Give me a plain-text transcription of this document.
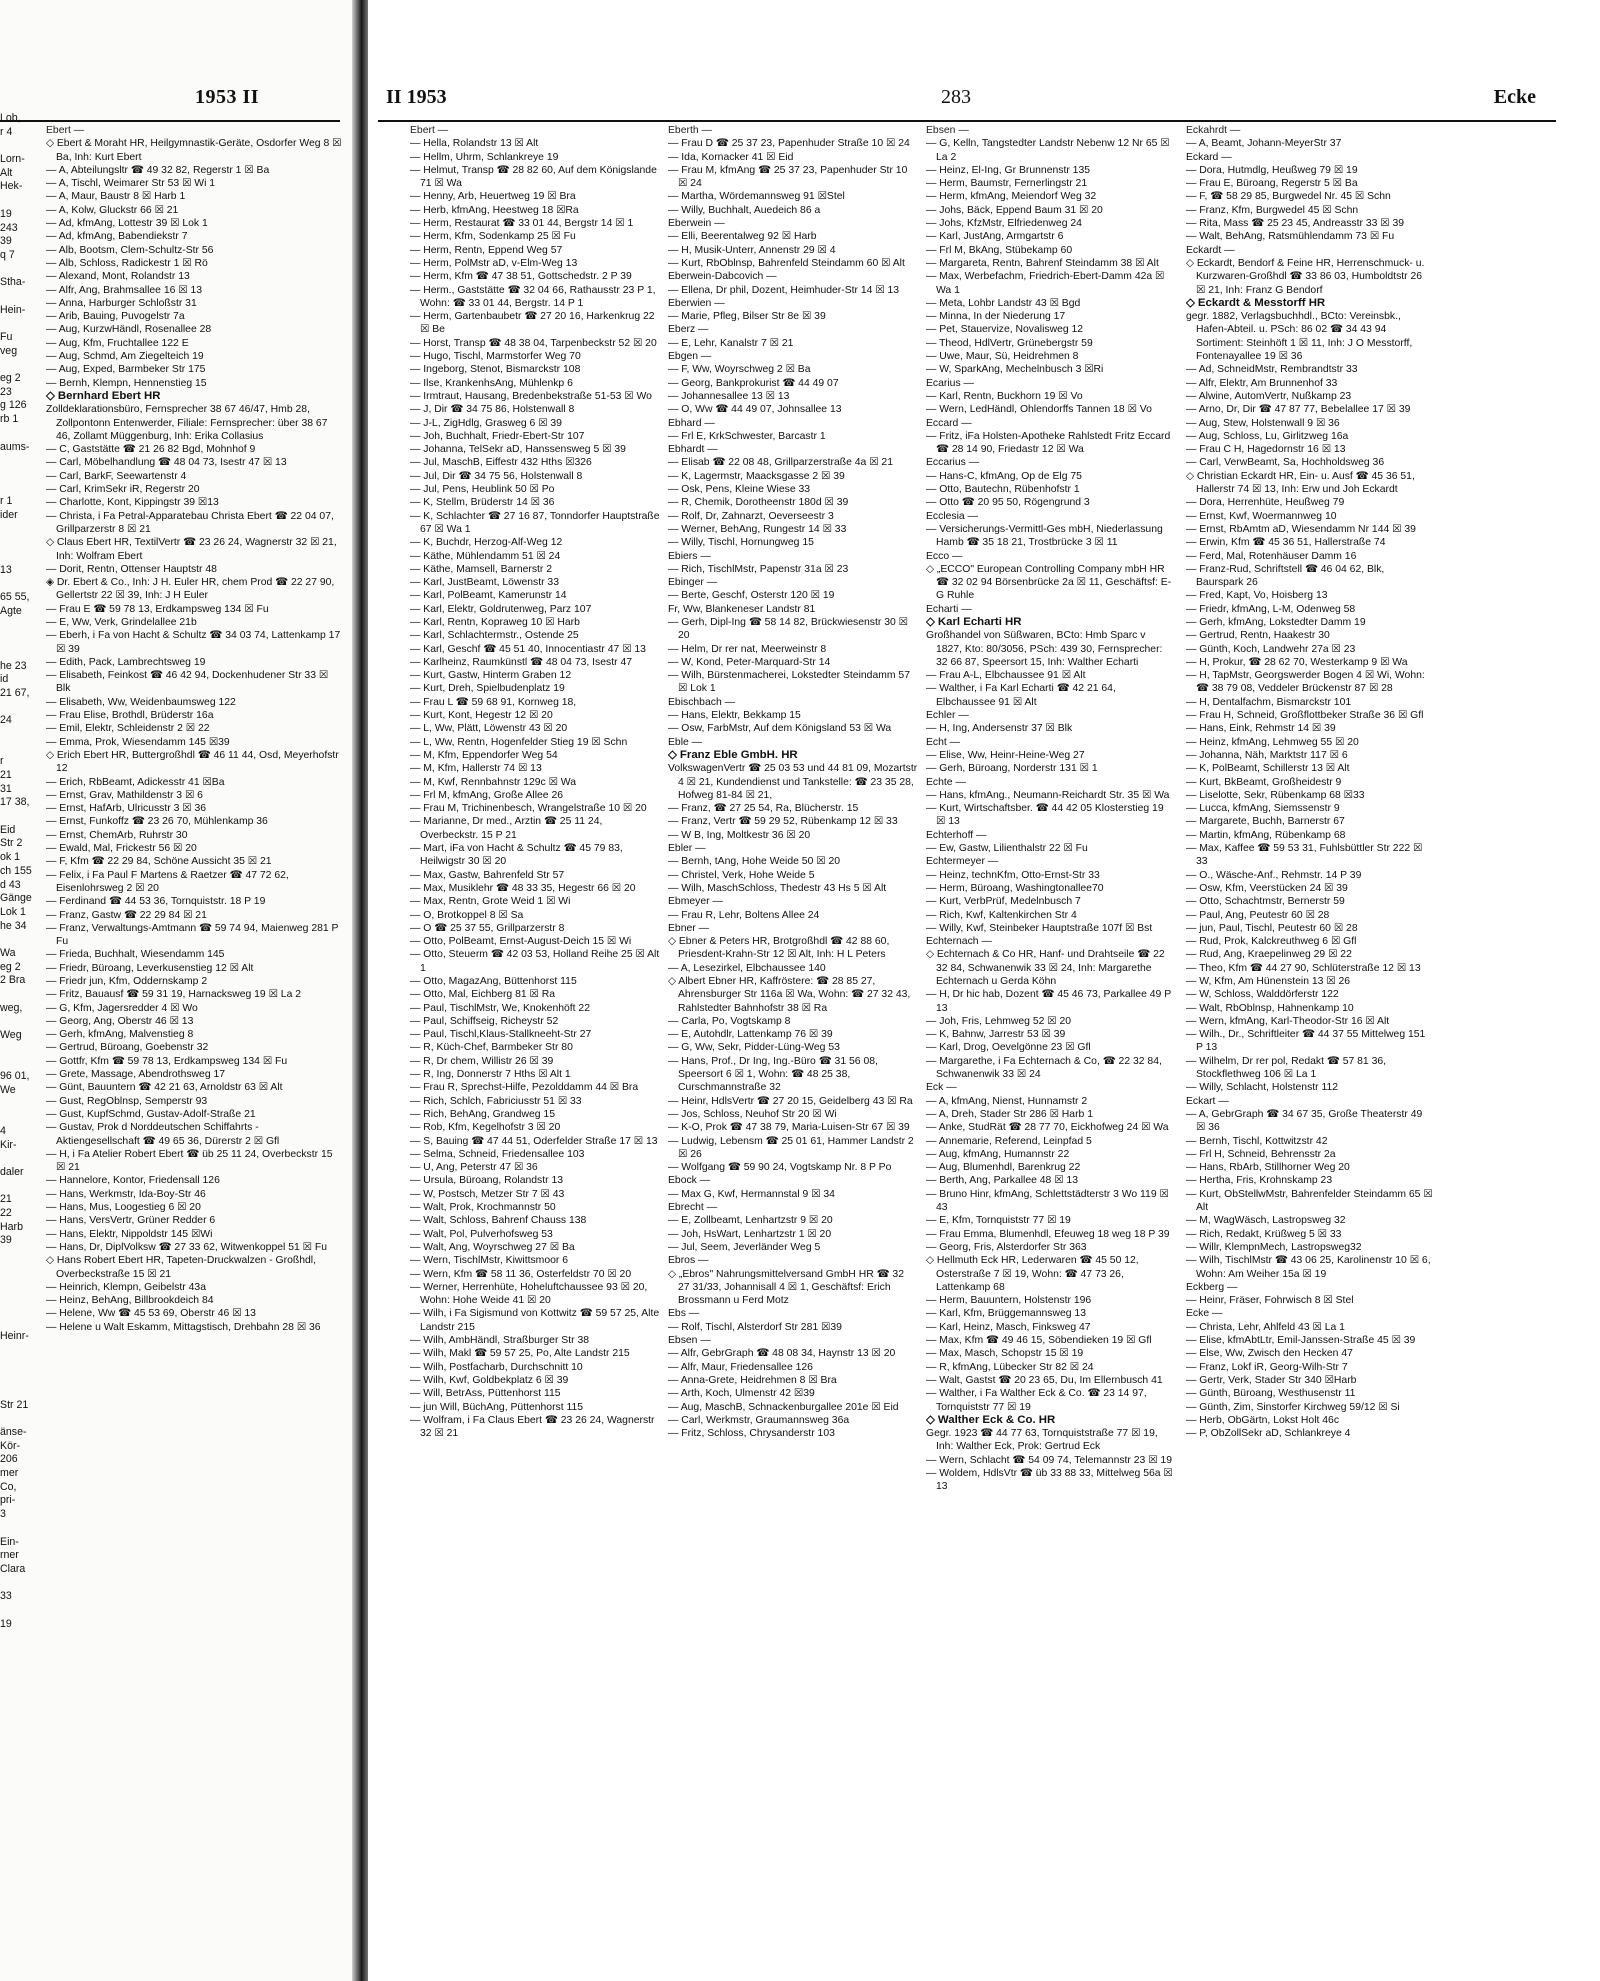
1953 II
Lob,
r 4
Lorn-
Alt
Hek-
19
243
39
q 7
Stha-
Hein-
Fu
veg
eg 2
23
g 126
rb 1
aums-
r 1
ider
13
65 55,
Agte
he 23
id
21 67,
24
r
21
31
17 38,
Eid
Str 2
ok 1
ch 155
d 43
Gänge
Lok 1
he 34
Wa
eg 2
2 Bra
weg,
Weg
96 01,
We
4
Kir-
daler
21
22
Harb
39
Heinr-
Str 21
änse-
Kör-
206
mer
Co,
pri-
3
Ein-
rner
Clara
33
19
Ebert —
◇ Ebert & Moraht HR, Heilgymnastik-Geräte, Osdorfer Weg 8 ☒ Ba, Inh: Kurt Ebert
— A, Abteilungsltr ☎ 49 32 82, Regerstr 1 ☒ Ba
— A, Tischl, Weimarer Str 53 ☒ Wi 1
— A, Maur, Baustr 8 ☒ Harb 1
— A, Kolw, Gluckstr 66 ☒ 21
— Ad, kfmAng, Lottestr 39 ☒ Lok 1
— Ad, kfmAng, Babendiekstr 7
— Alb, Bootsm, Clem-Schultz-Str 56
— Alb, Schloss, Radickestr 1 ☒ Rö
— Alexand, Mont, Rolandstr 13
— Alfr, Ang, Brahmsallee 16 ☒ 13
— Anna, Harburger Schloßstr 31
— Arib, Bauing, Puvogelstr 7a
— Aug, KurzwHändl, Rosenallee 28
— Aug, Kfm, Fruchtallee 122 E
— Aug, Schmd, Am Ziegelteich 19
— Aug, Exped, Barmbeker Str 175
— Bernh, Klempn, Hennenstieg 15
◇ Bernhard Ebert HR
Zolldeklarationsbüro, Fernsprecher 38 67 46/47, Hmb 28, Zollpontonn Entenwerder, Filiale: Fernsprecher: über 38 67 46, Zollamt Müggenburg, Inh: Erika Collasius
— C, Gaststätte ☎ 21 26 82 Bgd, Mohnhof 9
— Carl, Möbelhandlung ☎ 48 04 73, Isestr 47 ☒ 13
— Carl, BarkF, Seewartenstr 4
— Carl, KrimSekr iR, Regerstr 20
— Charlotte, Kont, Kippingstr 39 ☒13
— Christa, i Fa Petral-Apparatebau Christa Ebert ☎ 22 04 07, Grillparzerstr 8 ☒ 21
◇ Claus Ebert HR, TextilVertr ☎ 23 26 24, Wagnerstr 32 ☒ 21, Inh: Wolfram Ebert
— Dorit, Rentn, Ottenser Hauptstr 48
◈ Dr. Ebert & Co., Inh: J H. Euler HR, chem Prod ☎ 22 27 90, Gellertstr 22 ☒ 39, Inh: J H Euler
— Frau E ☎ 59 78 13, Erdkampsweg 134 ☒ Fu
— E, Ww, Verk, Grindelallee 21b
— Eberh, i Fa von Hacht & Schultz ☎ 34 03 74, Lattenkamp 17 ☒ 39
— Edith, Pack, Lambrechtsweg 19
— Elisabeth, Feinkost ☎ 46 42 94, Dockenhudener Str 33 ☒ Blk
— Elisabeth, Ww, Weidenbaumsweg 122
— Frau Elise, Brothdl, Brüderstr 16a
— Emil, Elektr, Schleidenstr 2 ☒ 22
— Emma, Prok, Wiesendamm 145 ☒39
◇ Erich Ebert HR, Buttergroßhdl ☎ 46 11 44, Osd, Meyerhofstr 12
— Erich, RbBeamt, Adickesstr 41 ☒Ba
— Ernst, Grav, Mathildenstr 3 ☒ 6
— Ernst, HafArb, Ulricusstr 3 ☒ 36
— Ernst, Funkoffz ☎ 23 26 70, Mühlenkamp 36
— Ernst, ChemArb, Ruhrstr 30
— Ewald, Mal, Frickestr 56 ☒ 20
— F, Kfm ☎ 22 29 84, Schöne Aussicht 35 ☒ 21
— Felix, i Fa Paul F Martens & Raetzer ☎ 47 72 62, Eisenlohrsweg 2 ☒ 20
— Ferdinand ☎ 44 53 36, Tornquiststr. 18 P 19
— Franz, Gastw ☎ 22 29 84 ☒ 21
— Franz, Verwaltungs-Amtmann ☎ 59 74 94, Maienweg 281 P Fu
— Frieda, Buchhalt, Wiesendamm 145
— Friedr, Büroang, Leverkusenstieg 12 ☒ Alt
— Friedr jun, Kfm, Oddernskamp 2
— Fritz, Bauausf ☎ 59 31 19, Harnacksweg 19 ☒ La 2
— G, Kfm, Jagersredder 4 ☒ Wo
— Georg, Ang, Oberstr 46 ☒ 13
— Gerh, kfmAng, Malvenstieg 8
— Gertrud, Büroang, Goebenstr 32
— Gottfr, Kfm ☎ 59 78 13, Erdkampsweg 134 ☒ Fu
— Grete, Massage, Abendrothsweg 17
— Günt, Bauuntern ☎ 42 21 63, Arnoldstr 63 ☒ Alt
— Gust, RegOblnsp, Semperstr 93
— Gust, KupfSchmd, Gustav-Adolf-Straße 21
— Gustav, Prok d Norddeutschen Schiffahrts - Aktiengesellschaft ☎ 49 65 36, Dürerstr 2 ☒ Gfl
— H, i Fa Atelier Robert Ebert ☎ üb 25 11 24, Overbeckstr 15 ☒ 21
— Hannelore, Kontor, Friedensall 126
— Hans, Werkmstr, Ida-Boy-Str 46
— Hans, Mus, Loogestieg 6 ☒ 20
— Hans, VersVertr, Grüner Redder 6
— Hans, Elektr, Nippoldstr 145 ☒Wi
— Hans, Dr, DiplVolksw ☎ 27 33 62, Witwenkoppel 51 ☒ Fu
◇ Hans Robert Ebert HR, Tapeten-Druckwalzen - Großhdl, Overbeckstraße 15 ☒ 21
— Heinrich, Klempn, Geibelstr 43a
— Heinz, BehAng, Billbrookdeich 84
— Helene, Ww ☎ 45 53 69, Oberstr 46 ☒ 13
— Helene u Walt Eskamm, Mittagstisch, Drehbahn 28 ☒ 36
II 1953	283	Ecke
Ebert —
— Hella, Rolandstr 13 ☒ Alt
— Hellm, Uhrm, Schlankreye 19
— Helmut, Transp ☎ 28 82 60, Auf dem Königslande 71 ☒ Wa
— Henny, Arb, Heuertweg 19 ☒ Bra
— Herb, kfmAng, Heestweg 18 ☒Ra
— Herm, Restaurat ☎ 33 01 44, Bergstr 14 ☒ 1
— Herm, Kfm, Sodenkamp 25 ☒ Fu
— Herm, Rentn, Eppend Weg 57
— Herm, PolMstr aD, v-Elm-Weg 13
— Herm, Kfm ☎ 47 38 51, Gottschedstr. 2 P 39
— Herm., Gaststätte ☎ 32 04 66, Rathausstr 23 P 1, Wohn: ☎ 33 01 44, Bergstr. 14 P 1
— Herm, Gartenbaubetr ☎ 27 20 16, Harkenkrug 22 ☒ Be
— Horst, Transp ☎ 48 38 04, Tarpenbeckstr 52 ☒ 20
— Hugo, Tischl, Marmstorfer Weg 70
— Ingeborg, Stenot, Bismarckstr 108
— Ilse, KrankenhsAng, Mühlenkp 6
— Irmtraut, Hausang, Bredenbekstraße 51-53 ☒ Wo
— J, Dir ☎ 34 75 86, Holstenwall 8
— J-L, ZigHdlg, Grasweg 6 ☒ 39
— Joh, Buchhalt, Friedr-Ebert-Str 107
— Johanna, TelSekr aD, Hanssensweg 5 ☒ 39
— Jul, MaschB, Eiffestr 432 Hths ☒326
— Jul, Dir ☎ 34 75 56, Holstenwall 8
— Jul, Pens, Heublink 50 ☒ Po
— K, Stellm, Brüderstr 14 ☒ 36
— K, Schlachter ☎ 27 16 87, Tonndorfer Hauptstraße 67 ☒ Wa 1
— K, Buchdr, Herzog-Alf-Weg 12
— Käthe, Mühlendamm 51 ☒ 24
— Käthe, Mamsell, Barnerstr 2
— Karl, JustBeamt, Löwenstr 33
— Karl, PolBeamt, Kamerunstr 14
— Karl, Elektr, Goldrutenweg, Parz 107
— Karl, Rentn, Kopraweg 10 ☒ Harb
— Karl, Schlachtermstr., Ostende 25
— Karl, Geschf ☎ 45 51 40, Innocentiastr 47 ☒ 13
— Karlheinz, Raumkünstl ☎ 48 04 73, Isestr 47
— Kurt, Gastw, Hinterm Graben 12
— Kurt, Dreh, Spielbudenplatz 19
— Frau L ☎ 59 68 91, Kornweg 18,
— Kurt, Kont, Hegestr 12 ☒ 20
— L, Ww, Plätt, Löwenstr 43 ☒ 20
— L, Ww, Rentn, Hogenfelder Stieg 19 ☒ Schn
— M, Kfm, Eppendorfer Weg 54
— M, Kfm, Hallerstr 74 ☒ 13
— M, Kwf, Rennbahnstr 129c ☒ Wa
— Frl M, kfmAng, Große Allee 26
— Frau M, Trichinenbesch, Wrangelstraße 10 ☒ 20
— Marianne, Dr med., Arztin ☎ 25 11 24, Overbeckstr. 15 P 21
— Mart, iFa von Hacht & Schultz ☎ 45 79 83, Heilwigstr 30 ☒ 20
— Max, Gastw, Bahrenfeld Str 57
— Max, Musiklehr ☎ 48 33 35, Hegestr 66 ☒ 20
— Max, Rentn, Grote Weid 1 ☒ Wi
— O, Brotkoppel 8 ☒ Sa
— O ☎ 25 37 55, Grillparzerstr 8
— Otto, PolBeamt, Ernst-August-Deich 15 ☒ Wi
— Otto, Steuerm ☎ 42 03 53, Holland Reihe 25 ☒ Alt 1
— Otto, MagazAng, Büttenhorst 115
— Otto, Mal, Eichberg 81 ☒ Ra
— Paul, TischlMstr, We, Knokenhöft 22
— Paul, Schiffseig, Richeystr 52
— Paul, Tischl,Klaus-Stallkneeht-Str 27
— R, Küch-Chef, Barmbeker Str 80
— R, Dr chem, Willistr 26 ☒ 39
— R, Ing, Donnerstr 7 Hths ☒ Alt 1
— Frau R, Sprechst-Hilfe, Pezolddamm 44 ☒ Bra
— Rich, Schlch, Fabriciusstr 51 ☒ 33
— Rich, BehAng, Grandweg 15
— Rob, Kfm, Kegelhofstr 3 ☒ 20
— S, Bauing ☎ 47 44 51, Oderfelder Straße 17 ☒ 13
— Selma, Schneid, Friedensallee 103
— U, Ang, Peterstr 47 ☒ 36
— Ursula, Büroang, Rolandstr 13
— W, Postsch, Metzer Str 7 ☒ 43
— Walt, Prok, Krochmannstr 50
— Walt, Schloss, Bahrenf Chauss 138
— Walt, Pol, Pulverhofsweg 53
— Walt, Ang, Woyrschweg 27 ☒ Ba
— Wern, TischlMstr, Kiwittsmoor 6
— Wern, Kfm ☎ 58 11 36, Osterfeldstr 70 ☒ 20
— Werner, Herrenhüte, Hoheluftchaussee 93 ☒ 20, Wohn: Hohe Weide 41 ☒ 20
— Wilh, i Fa Sigismund von Kottwitz ☎ 59 57 25, Alte Landstr 215
— Wilh, AmbHändl, Straßburger Str 38
— Wilh, Makl ☎ 59 57 25, Po, Alte Landstr 215
— Wilh, Postfacharb, Durchschnitt 10
— Wilh, Kwf, Goldbekplatz 6 ☒ 39
— Will, BetrAss, Püttenhorst 115
— jun Will, BüchAng, Püttenhorst 115
— Wolfram, i Fa Claus Ebert ☎ 23 26 24, Wagnerstr 32 ☒ 21
Eberth —
— Frau D ☎ 25 37 23, Papenhuder Straße 10 ☒ 24
— Ida, Kornacker 41 ☒ Eid
— Frau M, kfmAng ☎ 25 37 23, Papenhuder Str 10 ☒ 24
— Martha, Wördemannsweg 91 ☒Stel
— Willy, Buchhalt, Auedeich 86 a
Eberwein —
— Elli, Beerentalweg 92 ☒ Harb
— H, Musik-Unterr, Annenstr 29 ☒ 4
— Kurt, RbOblnsp, Bahrenfeld Steindamm 60 ☒ Alt
Eberwein-Dabcovich —
— Ellena, Dr phil, Dozent, Heimhuder-Str 14 ☒ 13
Eberwien —
— Marie, Pfleg, Bilser Str 8e ☒ 39
Eberz —
— E, Lehr, Kanalstr 7 ☒ 21
Ebgen —
— F, Ww, Woyrschweg 2 ☒ Ba
— Georg, Bankprokurist ☎ 44 49 07
— Johannesallee 13 ☒ 13
— O, Ww ☎ 44 49 07, Johnsallee 13
Ebhard —
— Frl E, KrkSchwester, Barcastr 1
Ebhardt —
— Elisab ☎ 22 08 48, Grillparzerstraße 4a ☒ 21
— K, Lagermstr, Maacksgasse 2 ☒ 39
— Osk, Pens, Kleine Wiese 33
— R, Chemik, Dorotheenstr 180d ☒ 39
— Rolf, Dr, Zahnarzt, Oeverseestr 3
— Werner, BehAng, Rungestr 14 ☒ 33
— Willy, Tischl, Hornungweg 15
Ebiers —
— Rich, TischlMstr, Papenstr 31a ☒ 23
Ebinger —
— Berte, Geschf, Osterstr 120 ☒ 19
Fr, Ww, Blankeneser Landstr 81
— Gerh, Dipl-Ing ☎ 58 14 82, Brückwiesenstr 30 ☒ 20
— Helm, Dr rer nat, Meerweinstr 8
— W, Kond, Peter-Marquard-Str 14
— Wilh, Bürstenmacherei, Lokstedter Steindamm 57 ☒ Lok 1
Ebischbach —
— Hans, Elektr, Bekkamp 15
— Osw, FarbMstr, Auf dem Königsland 53 ☒ Wa
Eble —
◇ Franz Eble GmbH. HR
VolkswagenVertr ☎ 25 03 53 und 44 81 09, Mozartstr 4 ☒ 21, Kundendienst und Tankstelle: ☎ 23 35 28, Hofweg 81-84 ☒ 21,
— Franz, ☎ 27 25 54, Ra, Blücherstr. 15
— Franz, Vertr ☎ 59 29 52, Rübenkamp 12 ☒ 33
— W B, Ing, Moltkestr 36 ☒ 20
Ebler —
— Bernh, tAng, Hohe Weide 50 ☒ 20
— Christel, Verk, Hohe Weide 5
— Wilh, MaschSchloss, Thedestr 43 Hs 5 ☒ Alt
Ebmeyer —
— Frau R, Lehr, Boltens Allee 24
Ebner —
◇ Ebner & Peters HR, Brotgroßhdl ☎ 42 88 60, Priesdent-Krahn-Str 12 ☒ Alt, Inh: H L Peters
— A, Lesezirkel, Elbchaussee 140
◇ Albert Ebner HR, Kaffröstere: ☎ 28 85 27, Ahrensburger Str 116a ☒ Wa, Wohn: ☎ 27 32 43, Rahlstedter Bahnhofstr 38 ☒ Ra
— Carla, Po, Vogtskamp 8
— E, Autohdlr, Lattenkamp 76 ☒ 39
— G, Ww, Sekr, Pidder-Lüng-Weg 53
— Hans, Prof., Dr Ing, Ing.-Büro ☎ 31 56 08, Speersort 6 ☒ 1, Wohn: ☎ 48 25 38, Curschmannstraße 32
— Heinr, HdlsVertr ☎ 27 20 15, Geidelberg 43 ☒ Ra
— Jos, Schloss, Neuhof Str 20 ☒ Wi
— K-O, Prok ☎ 47 38 79, Maria-Luisen-Str 67 ☒ 39
— Ludwig, Lebensm ☎ 25 01 61, Hammer Landstr 2 ☒ 26
— Wolfgang ☎ 59 90 24, Vogtskamp Nr. 8 P Po
Ebock —
— Max G, Kwf, Hermannstal 9 ☒ 34
Ebrecht —
— E, Zollbeamt, Lenhartzstr 9 ☒ 20
— Joh, HsWart, Lenhartzstr 1 ☒ 20
— Jul, Seem, Jeverländer Weg 5
Ebros —
◇ „Ebros" Nahrungsmittelversand GmbH HR ☎ 32 27 31/33, Johannisall 4 ☒ 1, Geschäftsf: Erich Brossmann u Ferd Motz
Ebs —
— Rolf, Tischl, Alsterdorf Str 281 ☒39
Ebsen —
— Alfr, GebrGraph ☎ 48 08 34, Haynstr 13 ☒ 20
— Alfr, Maur, Friedensallee 126
— Anna-Grete, Heidrehmen 8 ☒ Bra
— Arth, Koch, Ulmenstr 42 ☒39
— Aug, MaschB, Schnackenburgallee 201e ☒ Eid
— Carl, Werkmstr, Graumannsweg 36a
— Fritz, Schloss, Chrysanderstr 103
Ebsen —
— G, Kelln, Tangstedter Landstr Nebenw 12 Nr 65 ☒ La 2
— Heinz, El-Ing, Gr Brunnenstr 135
— Herm, Baumstr, Fernerlingstr 21
— Herm, kfmAng, Meiendorf Weg 32
— Johs, Bäck, Eppend Baum 31 ☒ 20
— Johs, KfzMstr, Elfriedenweg 24
— Karl, JustAng, Armgartstr 6
— Frl M, BkAng, Stübekamp 60
— Margareta, Rentn, Bahrenf Steindamm 38 ☒ Alt
— Max, Werbefachm, Friedrich-Ebert-Damm 42a ☒ Wa 1
— Meta, Lohbr Landstr 43 ☒ Bgd
— Minna, In der Niederung 17
— Pet, Stauervize, Novalisweg 12
— Theod, HdlVertr, Grünebergstr 59
— Uwe, Maur, Sü, Heidrehmen 8
— W, SparkAng, Mechelnbusch 3 ☒Ri
Ecarius —
— Karl, Rentn, Buckhorn 19 ☒ Vo
— Wern, LedHändl, Ohlendorffs Tannen 18 ☒ Vo
Eccard —
— Fritz, iFa Holsten-Apotheke Rahlstedt Fritz Eccard ☎ 28 14 90, Friedastr 12 ☒ Wa
Eccarius —
— Hans-C, kfmAng, Op de Elg 75
— Otto, Bautechn, Rübenhofstr 1
— Otto ☎ 20 95 50, Rögengrund 3
Ecclesia —
— Versicherungs-Vermittl-Ges mbH, Niederlassung Hamb ☎ 35 18 21, Trostbrücke 3 ☒ 11
Ecco —
◇ „ECCO" European Controlling Company mbH HR ☎ 32 02 94 Börsenbrücke 2a ☒ 11, Geschäftsf: E-G Ruhle
Echarti —
◇ Karl Echarti HR
Großhandel von Süßwaren, BCto: Hmb Sparc v 1827, Kto: 80/3056, PSch: 439 30, Fernsprecher: 32 66 87, Speersort 15, Inh: Walther Echarti
— Frau A-L, Elbchaussee 91 ☒ Alt
— Walther, i Fa Karl Echarti ☎ 42 21 64, Elbchaussee 91 ☒ Alt
Echler —
— H, Ing, Andersenstr 37 ☒ Blk
Echt —
— Elise, Ww, Heinr-Heine-Weg 27
— Gerh, Büroang, Norderstr 131 ☒ 1
Echte —
— Hans, kfmAng., Neumann-Reichardt Str. 35 ☒ Wa
— Kurt, Wirtschaftsber. ☎ 44 42 05 Klosterstieg 19 ☒ 13
Echterhoff —
— Ew, Gastw, Lilienthalstr 22 ☒ Fu
Echtermeyer —
— Heinz, technKfm, Otto-Ernst-Str 33
— Herm, Büroang, Washingtonallee70
— Kurt, VerbPrüf, Medelnbusch 7
— Rich, Kwf, Kaltenkirchen Str 4
— Willy, Kwf, Steinbeker Hauptstraße 107f ☒ Bst
Echternach —
◇ Echternach & Co HR, Hanf- und Drahtseile ☎ 22 32 84, Schwanenwik 33 ☒ 24, Inh: Margarethe Echternach u Gerda Köhn
— H, Dr hic hab, Dozent ☎ 45 46 73, Parkallee 49 P 13
— Joh, Fris, Lehmweg 52 ☒ 20
— K, Bahnw, Jarrestr 53 ☒ 39
— Karl, Drog, Oevelgönne 23 ☒ Gfl
— Margarethe, i Fa Echternach & Co, ☎ 22 32 84, Schwanenwik 33 ☒ 24
Eck —
— A, kfmAng, Nienst, Hunnamstr 2
— A, Dreh, Stader Str 286 ☒ Harb 1
— Anke, StudRät ☎ 28 77 70, Eickhofweg 24 ☒ Wa
— Annemarie, Referend, Leinpfad 5
— Aug, kfmAng, Humannstr 22
— Aug, Blumenhdl, Barenkrug 22
— Berth, Ang, Parkallee 48 ☒ 13
— Bruno Hinr, kfmAng, Schlettstädterstr 3 Wo 119 ☒ 43
— E, Kfm, Tornquiststr 77 ☒ 19
— Frau Emma, Blumenhdl, Efeuweg 18 weg 18 P 39
— Georg, Fris, Alsterdorfer Str 363
◇ Hellmuth Eck HR, Lederwaren ☎ 45 50 12, Osterstraße 7 ☒ 19, Wohn: ☎ 47 73 26, Lattenkamp 68
— Herm, Bauuntern, Holstenstr 196
— Karl, Kfm, Brüggemannsweg 13
— Karl, Heinz, Masch, Finksweg 47
— Max, Kfm ☎ 49 46 15, Söbendieken 19 ☒ Gfl
— Max, Masch, Schopstr 15 ☒ 19
— R, kfmAng, Lübecker Str 82 ☒ 24
— Walt, Gastst ☎ 20 23 65, Du, Im Ellernbusch 41
— Walther, i Fa Walther Eck & Co. ☎ 23 14 97, Tornquiststr 77 ☒ 19
◇ Walther Eck & Co. HR
Gegr. 1923 ☎ 44 77 63, Tornquiststraße 77 ☒ 19, Inh: Walther Eck, Prok: Gertrud Eck
— Wern, Schlacht ☎ 54 09 74, Telemannstr 23 ☒ 19
— Woldem, HdlsVtr ☎ üb 33 88 33, Mittelweg 56a ☒ 13
Eckahrdt —
— A, Beamt, Johann-MeyerStr 37
Eckard —
— Dora, Hutmdlg, Heußweg 79 ☒ 19
— Frau E, Büroang, Regerstr 5 ☒ Ba
— F, ☎ 58 29 85, Burgwedel Nr. 45 ☒ Schn
— Franz, Kfm, Burgwedel 45 ☒ Schn
— Rita, Mass ☎ 25 23 45, Andreasstr 33 ☒ 39
— Walt, BehAng, Ratsmühlendamm 73 ☒ Fu
Eckardt —
◇ Eckardt, Bendorf & Feine HR, Herrenschmuck- u. Kurzwaren-Großhdl ☎ 33 86 03, Humboldtstr 26 ☒ 21, Inh: Franz G Bendorf
◇ Eckardt & Messtorff HR
gegr. 1882, Verlagsbuchhdl., BCto: Vereinsbk., Hafen-Abteil. u. PSch: 86 02 ☎ 34 43 94 Sortiment: Steinhöft 1 ☒ 11, Inh: J O Messtorff, Fontenayallee 19 ☒ 36
— Ad, SchneidMstr, Rembrandtstr 33
— Alfr, Elektr, Am Brunnenhof 33
— Alwine, AutomVertr, Nußkamp 23
— Arno, Dr, Dir ☎ 47 87 77, Bebelallee 17 ☒ 39
— Aug, Stew, Holstenwall 9 ☒ 36
— Aug, Schloss, Lu, Girlitzweg 16a
— Frau C H, Hagedornstr 16 ☒ 13
— Carl, VerwBeamt, Sa, Hochholdsweg 36
◇ Christian Eckardt HR, Ein- u. Ausf ☎ 45 36 51, Hallerstr 74 ☒ 13, Inh: Erw und Joh Eckardt
— Dora, Herrenhüte, Heußweg 79
— Ernst, Kwf, Woermannweg 10
— Ernst, RbAmtm aD, Wiesendamm Nr 144 ☒ 39
— Erwin, Kfm ☎ 45 36 51, Hallerstraße 74
— Ferd, Mal, Rotenhäuser Damm 16
— Franz-Rud, Schriftstell ☎ 46 04 62, Blk, Baurspark 26
— Fred, Kapt, Vo, Hoisberg 13
— Friedr, kfmAng, L-M, Odenweg 58
— Gerh, kfmAng, Lokstedter Damm 19
— Gertrud, Rentn, Haakestr 30
— Günth, Koch, Landwehr 27a ☒ 23
— H, Prokur, ☎ 28 62 70, Westerkamp 9 ☒ Wa
— H, TapMstr, Georgswerder Bogen 4 ☒ Wi, Wohn: ☎ 38 79 08, Veddeler Brückenstr 87 ☒ 28
— H, Dentalfachm, Bismarckstr 101
— Frau H, Schneid, Großflottbeker Straße 36 ☒ Gfl
— Hans, Eink, Rehmstr 14 ☒ 39
— Heinz, kfmAng, Lehmweg 55 ☒ 20
— Johanna, Näh, Marktstr 117 ☒ 6
— K, PolBeamt, Schillerstr 13 ☒ Alt
— Kurt, BkBeamt, Großheidestr 9
— Liselotte, Sekr, Rübenkamp 68 ☒33
— Lucca, kfmAng, Siemssenstr 9
— Margarete, Buchh, Barnerstr 67
— Martin, kfmAng, Rübenkamp 68
— Max, Kaffee ☎ 59 53 31, Fuhlsbüttler Str 222 ☒ 33
— O., Wäsche-Anf., Rehmstr. 14 P 39
— Osw, Kfm, Veerstücken 24 ☒ 39
— Otto, Schachtmstr, Bernerstr 59
— Paul, Ang, Peutestr 60 ☒ 28
— jun, Paul, Tischl, Peutestr 60 ☒ 28
— Rud, Prok, Kalckreuthweg 6 ☒ Gfl
— Rud, Ang, Kraepelinweg 29 ☒ 22
— Theo, Kfm ☎ 44 27 90, Schlüterstraße 12 ☒ 13
— W, Kfm, Am Hünenstein 13 ☒ 26
— W, Schloss, Walddörferstr 122
— Walt, RbOblnsp, Hahnenkamp 10
— Wern, kfmAng, Karl-Theodor-Str 16 ☒ Alt
— Wilh., Dr., Schriftleiter ☎ 44 37 55 Mittelweg 151 P 13
— Wilhelm, Dr rer pol, Redakt ☎ 57 81 36, Stockflethweg 106 ☒ La 1
— Willy, Schlacht, Holstenstr 112
Eckart —
— A, GebrGraph ☎ 34 67 35, Große Theaterstr 49 ☒ 36
— Bernh, Tischl, Kottwitzstr 42
— Frl H, Schneid, Behrensstr 2a
— Hans, RbArb, Stillhorner Weg 20
— Hertha, Fris, Krohnskamp 23
— Kurt, ObStellwMstr, Bahrenfelder Steindamm 65 ☒ Alt
— M, WagWäsch, Lastropsweg 32
— Rich, Redakt, Krüßweg 5 ☒ 33
— Willr, KlempnMech, Lastropsweg32
— Wilh, TischlMstr ☎ 43 06 25, Karolinenstr 10 ☒ 6, Wohn: Am Weiher 15a ☒ 19
Eckberg —
— Heinr, Fräser, Fohrwisch 8 ☒ Stel
Ecke —
— Christa, Lehr, Ahlfeld 43 ☒ La 1
— Elise, kfmAbtLtr, Emil-Janssen-Straße 45 ☒ 39
— Else, Ww, Zwisch den Hecken 47
— Franz, Lokf iR, Georg-Wilh-Str 7
— Gertr, Verk, Stader Str 340 ☒Harb
— Günth, Büroang, Westhusenstr 11
— Günth, Zim, Sinstorfer Kirchweg 59/12 ☒ Si
— Herb, ObGärtn, Lokst Holt 46c
— P, ObZollSekr aD, Schlankreye 4
